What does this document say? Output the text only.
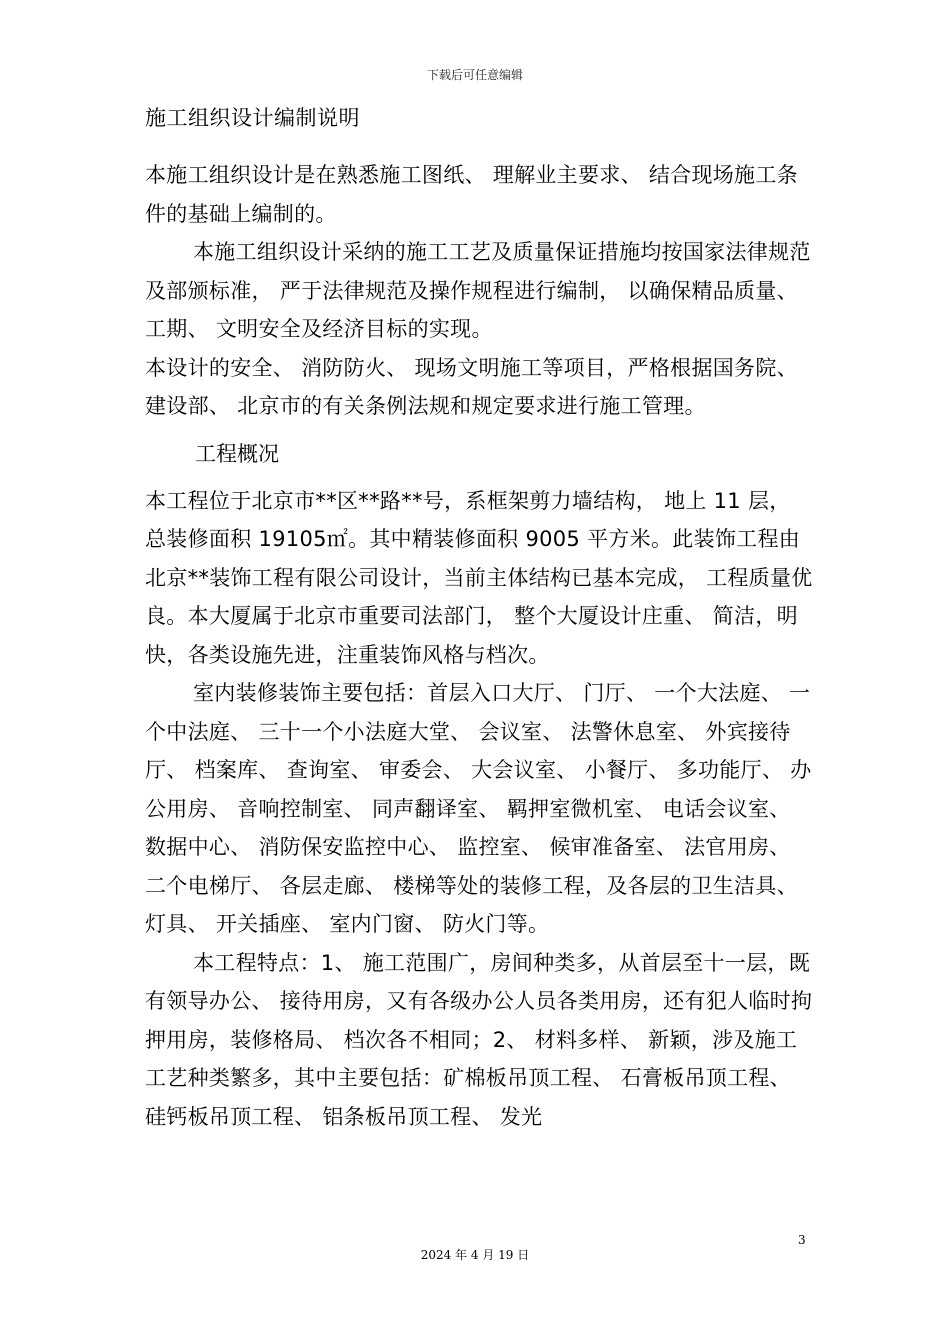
下载后可任意编辑
施工组织设计编制说明

本施工组织设计是在熟悉施工图纸、 理解业主要求、 结合现场施工条件的基础上编制的。

本施工组织设计采纳的施工工艺及质量保证措施均按国家法律规范及部颁标准， 严于法律规范及操作规程进行编制， 以确保精品质量、 工期、 文明安全及经济目标的实现。

本设计的安全、 消防防火、 现场文明施工等项目，严格根据国务院、 建设部、 北京市的有关条例法规和规定要求进行施工管理。

工程概况

本工程位于北京市**区**路**号，系框架剪力墙结构， 地上 11 层， 总装修面积 19105㎡。其中精装修面积 9005 平方米。此装饰工程由北京**装饰工程有限公司设计，当前主体结构已基本完成， 工程质量优良。本大厦属于北京市重要司法部门， 整个大厦设计庄重、 简洁，明快，各类设施先进，注重装饰风格与档次。

室内装修装饰主要包括：首层入口大厅、 门厅、 一个大法庭、 一个中法庭、 三十一个小法庭大堂、 会议室、 法警休息室、 外宾接待厅、 档案库、 查询室、 审委会、 大会议室、 小餐厅、 多功能厅、 办公用房、 音响控制室、 同声翻译室、 羁押室微机室、 电话会议室、 数据中心、 消防保安监控中心、 监控室、 候审准备室、 法官用房、 二个电梯厅、 各层走廊、 楼梯等处的装修工程，及各层的卫生洁具、 灯具、 开关插座、 室内门窗、 防火门等。

本工程特点：1、 施工范围广，房间种类多，从首层至十一层，既有领导办公、 接待用房，又有各级办公人员各类用房，还有犯人临时拘押用房，装修格局、 档次各不相同；2、 材料多样、 新颖，涉及施工工艺种类繁多，其中主要包括：矿棉板吊顶工程、 石膏板吊顶工程、 硅钙板吊顶工程、 铝条板吊顶工程、 发光

3
2024 年 4 月 19 日
